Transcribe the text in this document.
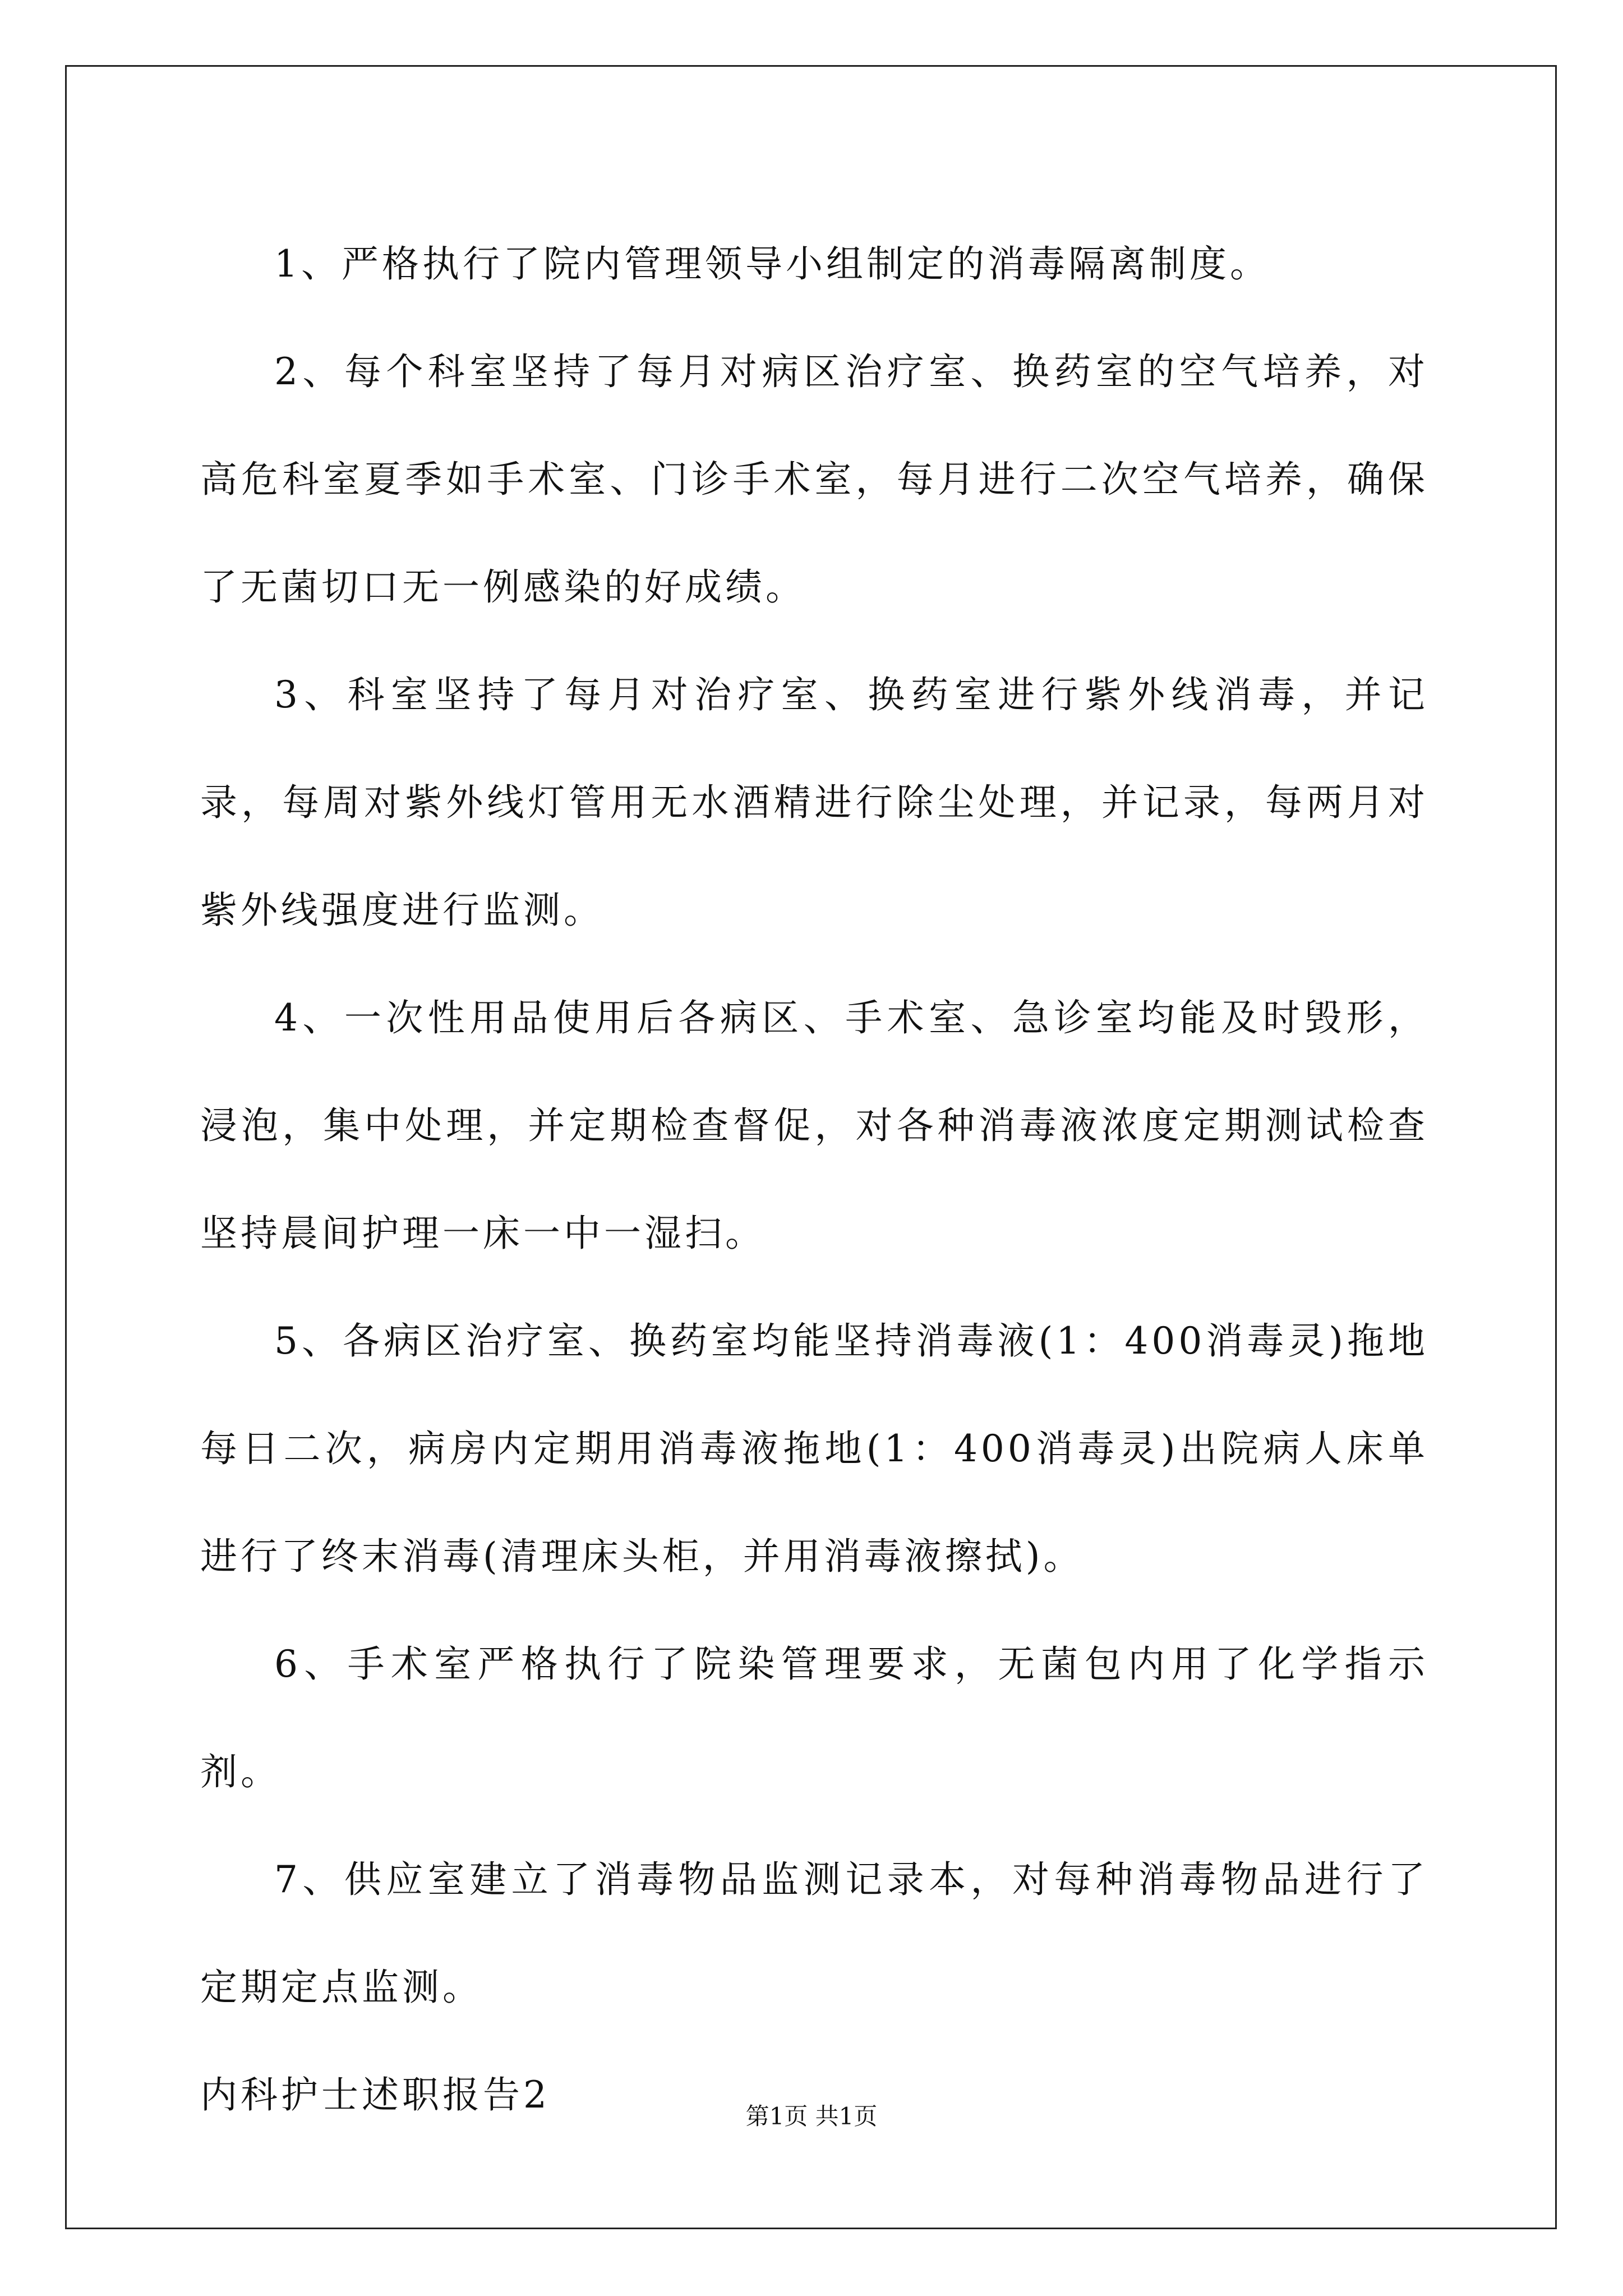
1、严格执行了院内管理领导小组制定的消毒隔离制度。

2、每个科室坚持了每月对病区治疗室、换药室的空气培养，对高危科室夏季如手术室、门诊手术室，每月进行二次空气培养，确保了无菌切口无一例感染的好成绩。

3、科室坚持了每月对治疗室、换药室进行紫外线消毒，并记录，每周对紫外线灯管用无水酒精进行除尘处理，并记录，每两月对紫外线强度进行监测。

4、一次性用品使用后各病区、手术室、急诊室均能及时毁形，浸泡，集中处理，并定期检查督促，对各种消毒液浓度定期测试检查坚持晨间护理一床一中一湿扫。

5、各病区治疗室、换药室均能坚持消毒液(1：400消毒灵)拖地每日二次，病房内定期用消毒液拖地(1：400消毒灵)出院病人床单进行了终末消毒(清理床头柜，并用消毒液擦拭)。

6、手术室严格执行了院染管理要求，无菌包内用了化学指示剂。

7、供应室建立了消毒物品监测记录本，对每种消毒物品进行了定期定点监测。

内科护士述职报告2	第1页 共1页
